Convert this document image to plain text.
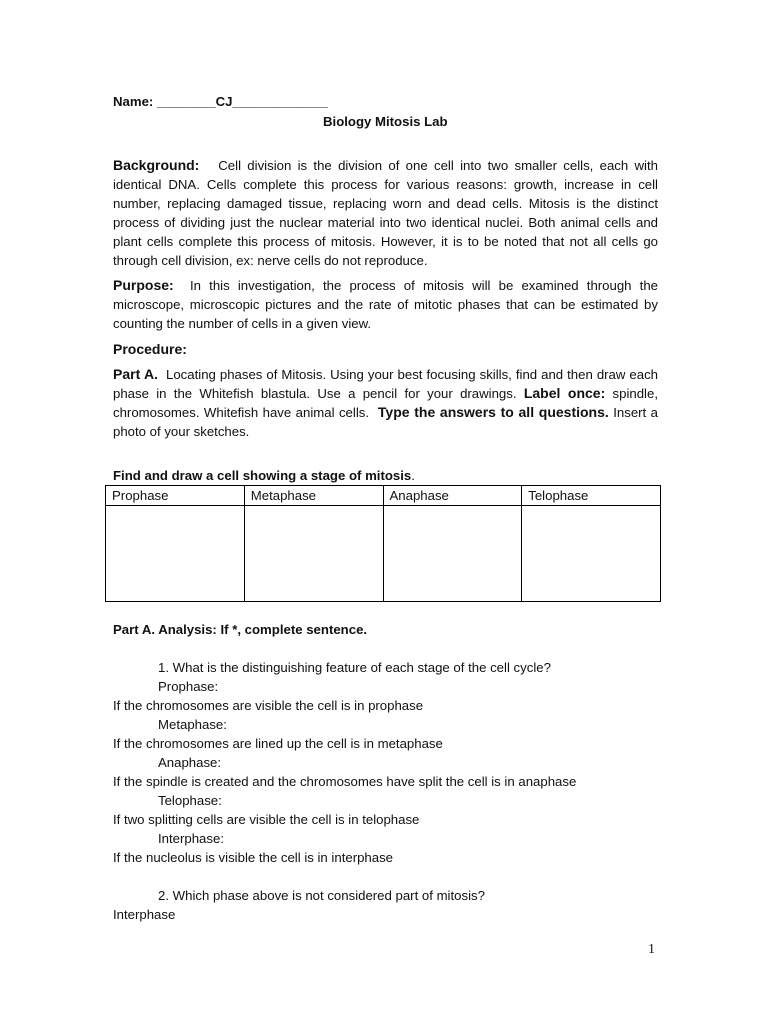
Name: ________CJ_____________
Biology Mitosis Lab
Background: Cell division is the division of one cell into two smaller cells, each with identical DNA. Cells complete this process for various reasons: growth, increase in cell number, replacing damaged tissue, replacing worn and dead cells. Mitosis is the distinct process of dividing just the nuclear material into two identical nuclei. Both animal cells and plant cells complete this process of mitosis. However, it is to be noted that not all cells go through cell division, ex: nerve cells do not reproduce.
Purpose: In this investigation, the process of mitosis will be examined through the microscope, microscopic pictures and the rate of mitotic phases that can be estimated by counting the number of cells in a given view.
Procedure:
Part A. Locating phases of Mitosis. Using your best focusing skills, find and then draw each phase in the Whitefish blastula. Use a pencil for your drawings. Label once: spindle, chromosomes. Whitefish have animal cells. Type the answers to all questions. Insert a photo of your sketches.
Find and draw a cell showing a stage of mitosis.
Prophase	Metaphase	Anaphase	Telophase

Part A. Analysis: If *, complete sentence.
1. What is the distinguishing feature of each stage of the cell cycle?
Prophase:
If the chromosomes are visible the cell is in prophase
Metaphase:
If the chromosomes are lined up the cell is in metaphase
Anaphase:
If the spindle is created and the chromosomes have split the cell is in anaphase
Telophase:
If two splitting cells are visible the cell is in telophase
Interphase:
If the nucleolus is visible the cell is in interphase
2. Which phase above is not considered part of mitosis?
Interphase
1
